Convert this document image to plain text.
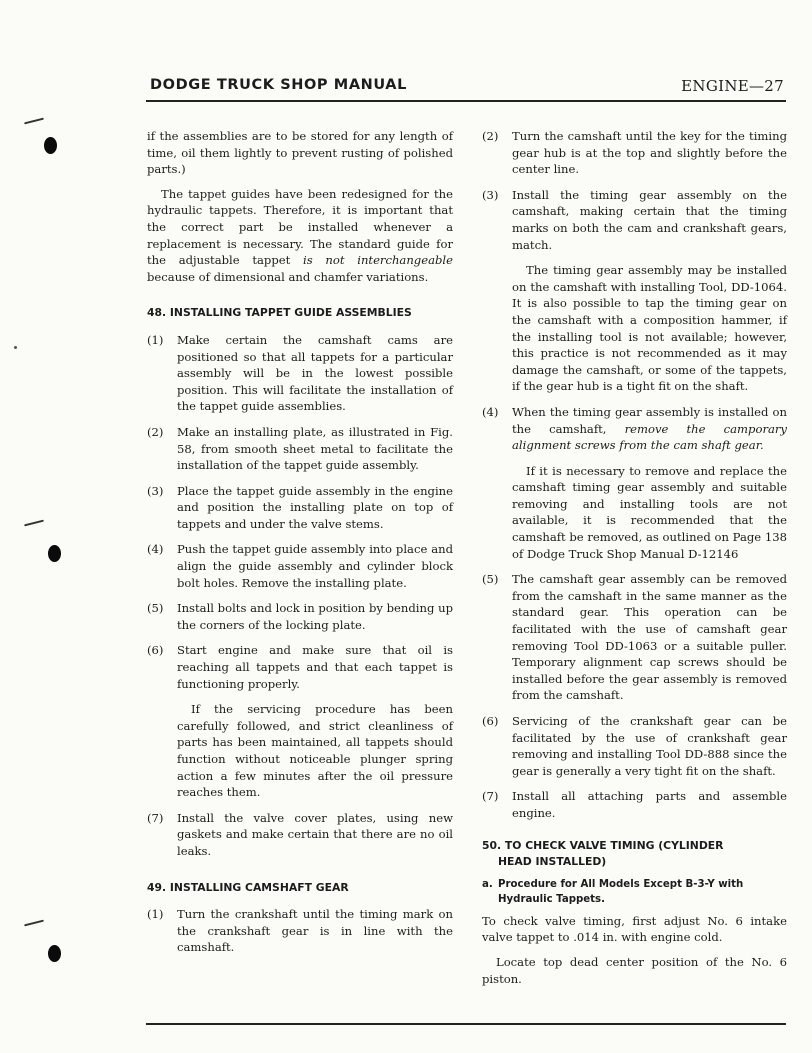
DODGE TRUCK SHOP MANUAL	ENGINE—27

if the assemblies are to be stored for any length of time, oil them lightly to prevent rusting of polished parts.)

The tappet guides have been redesigned for the hydraulic tappets. Therefore, it is important that the correct part be installed whenever a replacement is necessary. The standard guide for the adjustable tappet is not interchangeable because of dimensional and chamfer variations.

48. INSTALLING TAPPET GUIDE ASSEMBLIES
(1)	Make certain the camshaft cams are positioned so that all tappets for a particular assembly will be in the lowest possible position. This will facilitate the installation of the tappet guide assemblies.
(2)	Make an installing plate, as illustrated in Fig. 58, from smooth sheet metal to facilitate the installation of the tappet guide assembly.
(3)	Place the tappet guide assembly in the engine and position the installing plate on top of tappets and under the valve stems.
(4)	Push the tappet guide assembly into place and align the guide assembly and cylinder block bolt holes. Remove the installing plate.
(5)	Install bolts and lock in position by bending up the corners of the locking plate.
(6)	Start engine and make sure that oil is reaching all tappets and that each tappet is functioning properly.
If the servicing procedure has been carefully followed, and strict cleanliness of parts has been maintained, all tappets should function without noticeable plunger spring action a few minutes after the oil pressure reaches them.
(7)	Install the valve cover plates, using new gaskets and make certain that there are no oil leaks.
49. INSTALLING CAMSHAFT GEAR
(1)	Turn the crankshaft until the timing mark on the crankshaft gear is in line with the camshaft.
(2)	Turn the camshaft until the key for the timing gear hub is at the top and slightly before the center line.
(3)	Install the timing gear assembly on the camshaft, making certain that the timing marks on both the cam and crankshaft gears, match.
The timing gear assembly may be installed on the camshaft with installing Tool, DD-1064. It is also possible to tap the timing gear on the camshaft with a composition hammer, if the installing tool is not available; however, this practice is not recommended as it may damage the camshaft, or some of the tappets, if the gear hub is a tight fit on the shaft.
(4)	When the timing gear assembly is installed on the camshaft, remove the camporary alignment screws from the cam shaft gear.
If it is necessary to remove and replace the camshaft timing gear assembly and suitable removing and installing tools are not available, it is recommended that the camshaft be removed, as outlined on Page 138 of Dodge Truck Shop Manual D-12146
(5)	The camshaft gear assembly can be removed from the camshaft in the same manner as the standard gear. This operation can be facilitated with the use of camshaft gear removing Tool DD-1063 or a suitable puller. Temporary alignment cap screws should be installed before the gear assembly is removed from the camshaft.
(6)	Servicing of the crankshaft gear can be facilitated by the use of crankshaft gear removing and installing Tool DD-888 since the gear is generally a very tight fit on the shaft.
(7)	Install all attaching parts and assemble engine.
50. TO CHECK VALVE TIMING (CYLINDER
HEAD INSTALLED)
a. Procedure for All Models Except B-3-Y with Hydraulic Tappets.

To check valve timing, first adjust No. 6 intake valve tappet to .014 in. with engine cold.

Locate top dead center position of the No. 6 piston.
